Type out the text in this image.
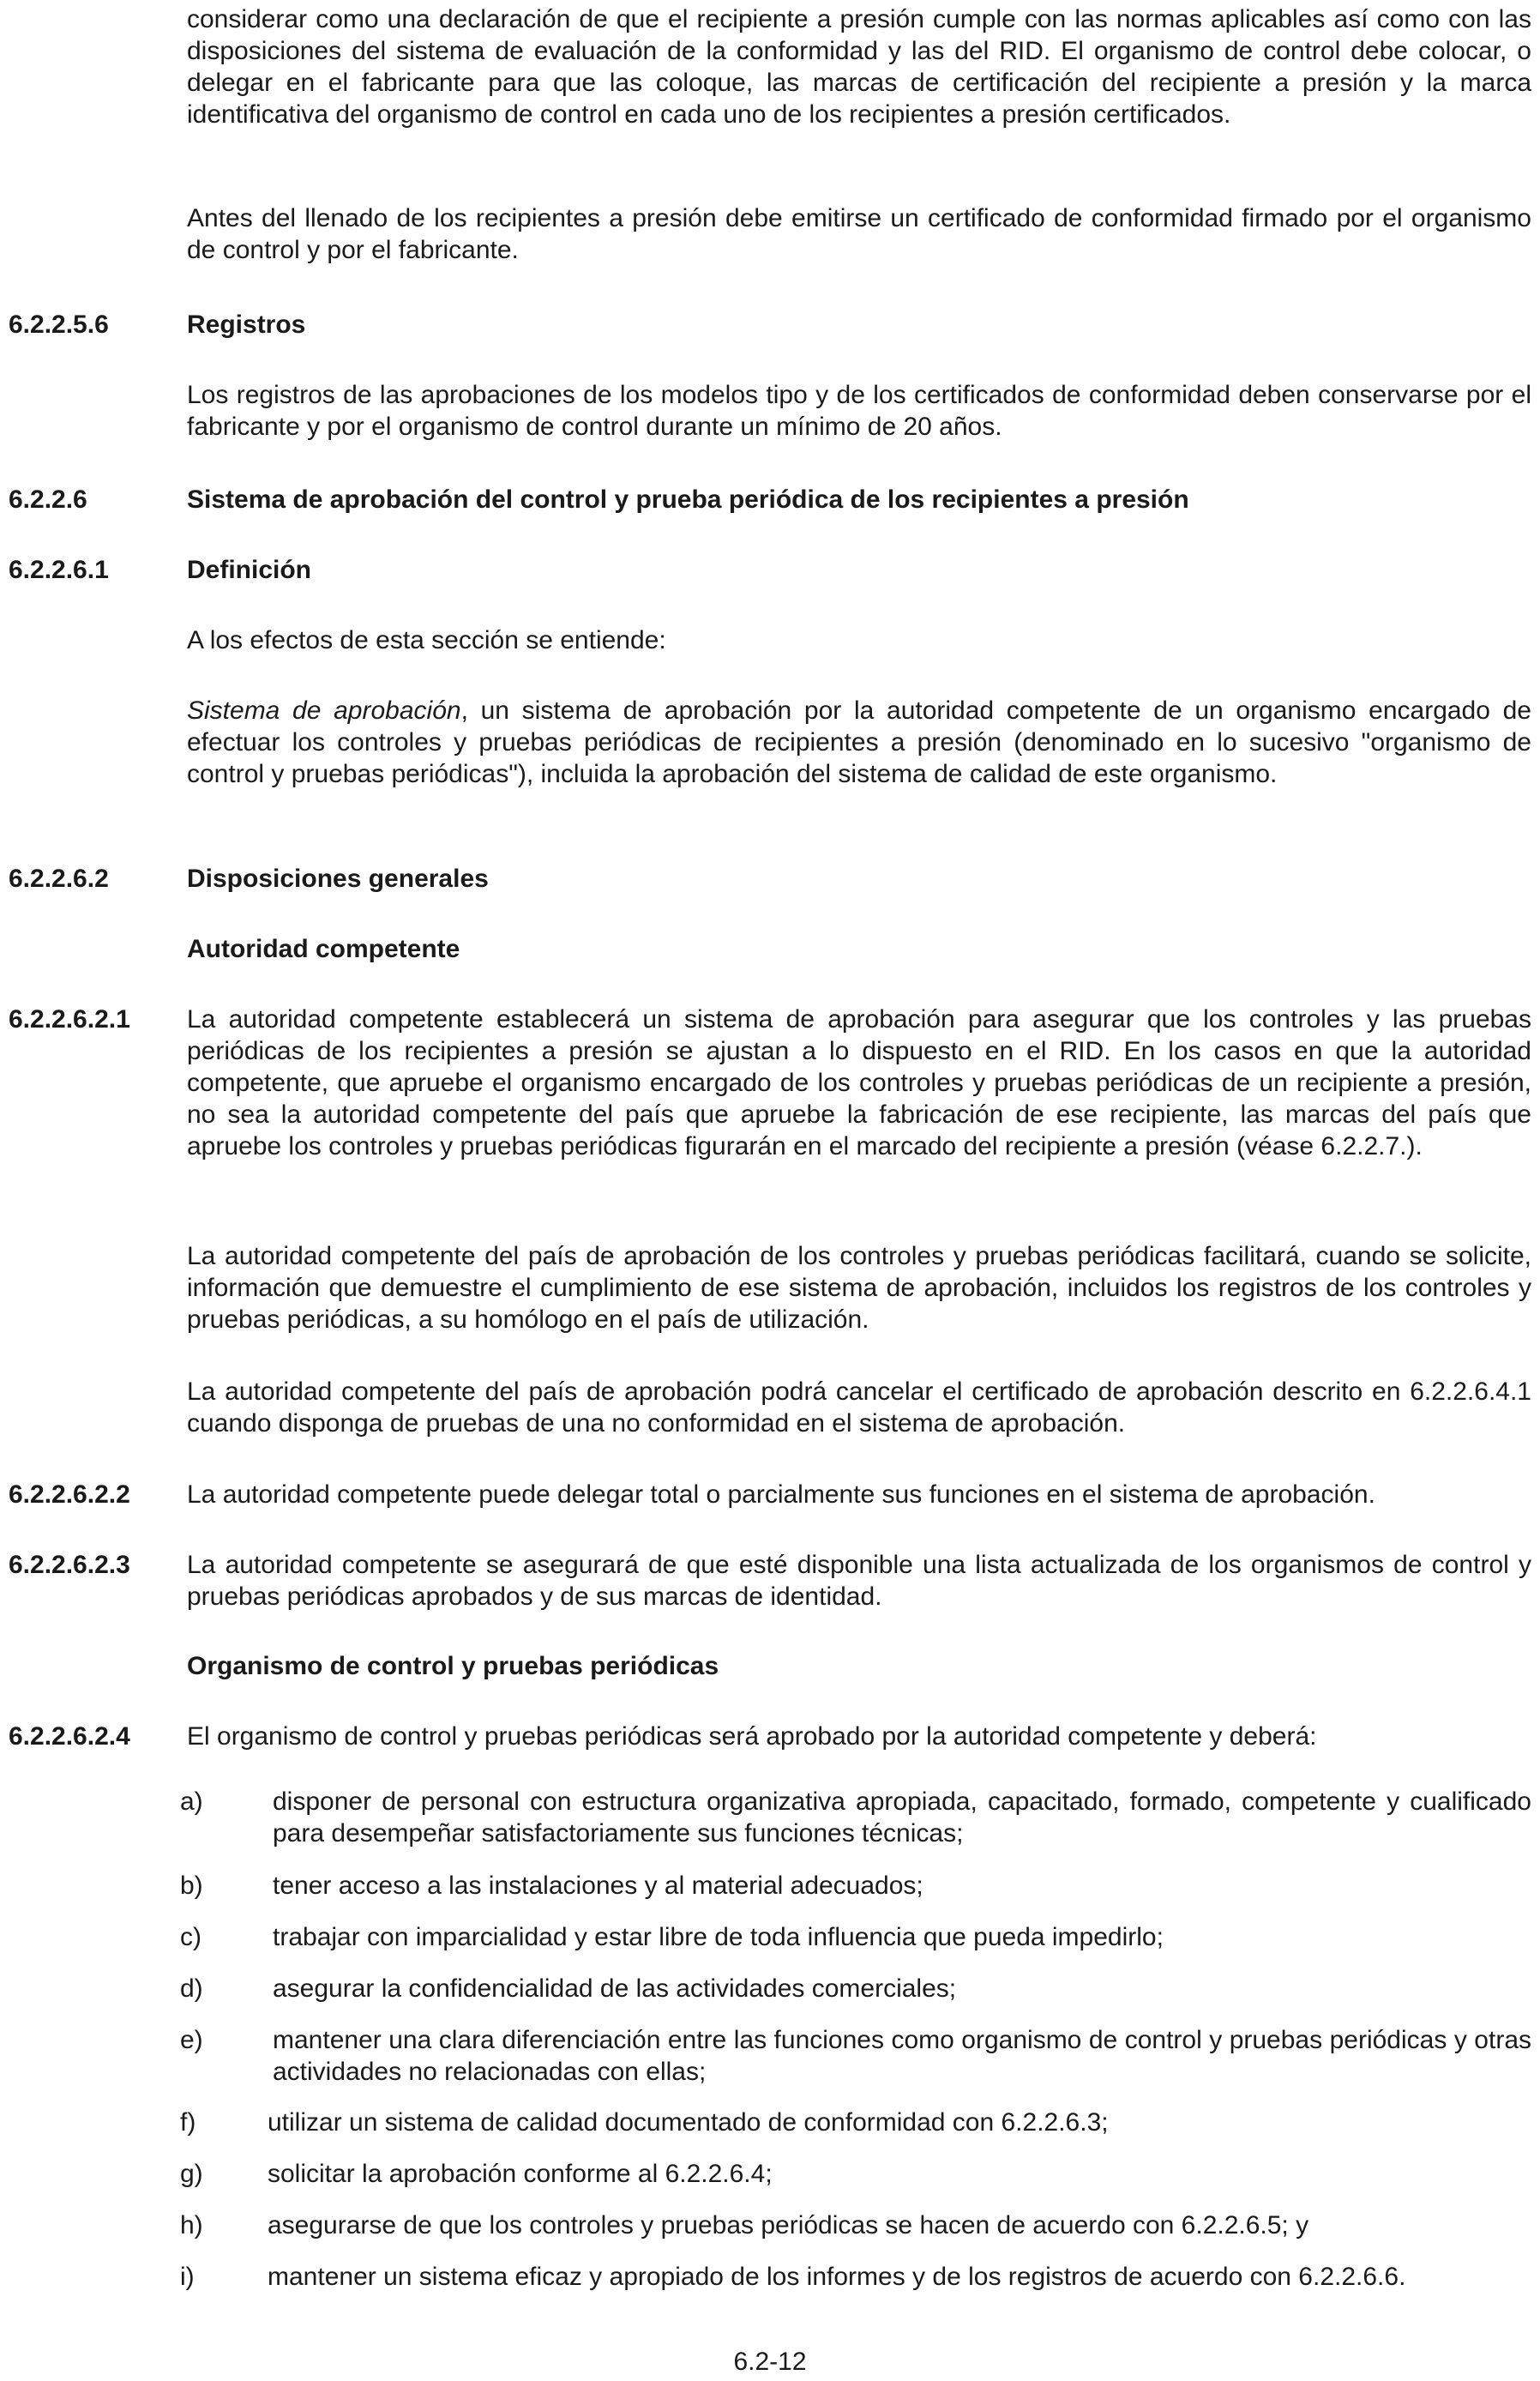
considerar como una declaración de que el recipiente a presión cumple con las normas aplicables así como con las disposiciones del sistema de evaluación de la conformidad y las del RID. El organismo de control debe colocar, o delegar en el fabricante para que las coloque, las marcas de certificación del recipiente a presión y la marca identificativa del organismo de control en cada uno de los recipientes a presión certificados.
Antes del llenado de los recipientes a presión debe emitirse un certificado de conformidad firmado por el organismo de control y por el fabricante.
6.2.2.5.6	Registros
Los registros de las aprobaciones de los modelos tipo y de los certificados de conformidad deben conservarse por el fabricante y por el organismo de control durante un mínimo de 20 años.
6.2.2.6	Sistema de aprobación del control y prueba periódica de los recipientes a presión
6.2.2.6.1	Definición
A los efectos de esta sección se entiende:
Sistema de aprobación, un sistema de aprobación por la autoridad competente de un organismo encargado de efectuar los controles y pruebas periódicas de recipientes a presión (denominado en lo sucesivo "organismo de control y pruebas periódicas"), incluida la aprobación del sistema de calidad de este organismo.
6.2.2.6.2	Disposiciones generales
Autoridad competente
6.2.2.6.2.1 La autoridad competente establecerá un sistema de aprobación para asegurar que los controles y las pruebas periódicas de los recipientes a presión se ajustan a lo dispuesto en el RID. En los casos en que la autoridad competente, que apruebe el organismo encargado de los controles y pruebas periódicas de un recipiente a presión, no sea la autoridad competente del país que apruebe la fabricación de ese recipiente, las marcas del país que apruebe los controles y pruebas periódicas figurarán en el marcado del recipiente a presión (véase 6.2.2.7.).
La autoridad competente del país de aprobación de los controles y pruebas periódicas facilitará, cuando se solicite, información que demuestre el cumplimiento de ese sistema de aprobación, incluidos los registros de los controles y pruebas periódicas, a su homólogo en el país de utilización.
La autoridad competente del país de aprobación podrá cancelar el certificado de aprobación descrito en 6.2.2.6.4.1 cuando disponga de pruebas de una no conformidad en el sistema de aprobación.
6.2.2.6.2.2 La autoridad competente puede delegar total o parcialmente sus funciones en el sistema de aprobación.
6.2.2.6.2.3 La autoridad competente se asegurará de que esté disponible una lista actualizada de los organismos de control y pruebas periódicas aprobados y de sus marcas de identidad.
Organismo de control y pruebas periódicas
6.2.2.6.2.4 El organismo de control y pruebas periódicas será aprobado por la autoridad competente y deberá:
a)	disponer de personal con estructura organizativa apropiada, capacitado, formado, competente y cualificado para desempeñar satisfactoriamente sus funciones técnicas;
b)	tener acceso a las instalaciones y al material adecuados;
c)	trabajar con imparcialidad y estar libre de toda influencia que pueda impedirlo;
d)	asegurar la confidencialidad de las actividades comerciales;
e)	mantener una clara diferenciación entre las funciones como organismo de control y pruebas periódicas y otras actividades no relacionadas con ellas;
f)	utilizar un sistema de calidad documentado de conformidad con 6.2.2.6.3;
g)	solicitar la aprobación conforme al 6.2.2.6.4;
h)	asegurarse de que los controles y pruebas periódicas se hacen de acuerdo con 6.2.2.6.5; y
i)	mantener un sistema eficaz y apropiado de los informes y de los registros de acuerdo con 6.2.2.6.6.
6.2-12
